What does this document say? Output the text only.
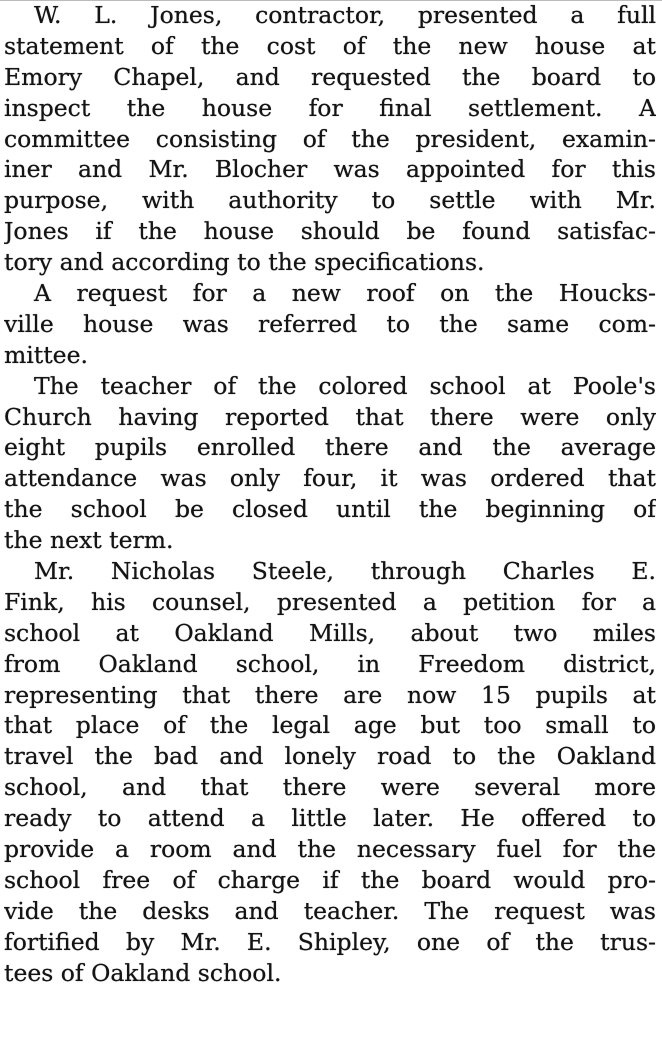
W. L. Jones, contractor, presented a full
statement of the cost of the new house at
Emory Chapel, and requested the board to
inspect the house for final settlement. A
committee consisting of the president, examin-
iner and Mr. Blocher was appointed for this
purpose, with authority to settle with Mr.
Jones if the house should be found satisfac-
tory and according to the specifications.
A request for a new roof on the Houcks-
ville house was referred to the same com-
mittee.
The teacher of the colored school at Poole's
Church having reported that there were only
eight pupils enrolled there and the average
attendance was only four, it was ordered that
the school be closed until the beginning of
the next term.
Mr. Nicholas Steele, through Charles E.
Fink, his counsel, presented a petition for a
school at Oakland Mills, about two miles
from Oakland school, in Freedom district,
representing that there are now 15 pupils at
that place of the legal age but too small to
travel the bad and lonely road to the Oakland
school, and that there were several more
ready to attend a little later. He offered to
provide a room and the necessary fuel for the
school free of charge if the board would pro-
vide the desks and teacher. The request was
fortified by Mr. E. Shipley, one of the trus-
tees of Oakland school.
